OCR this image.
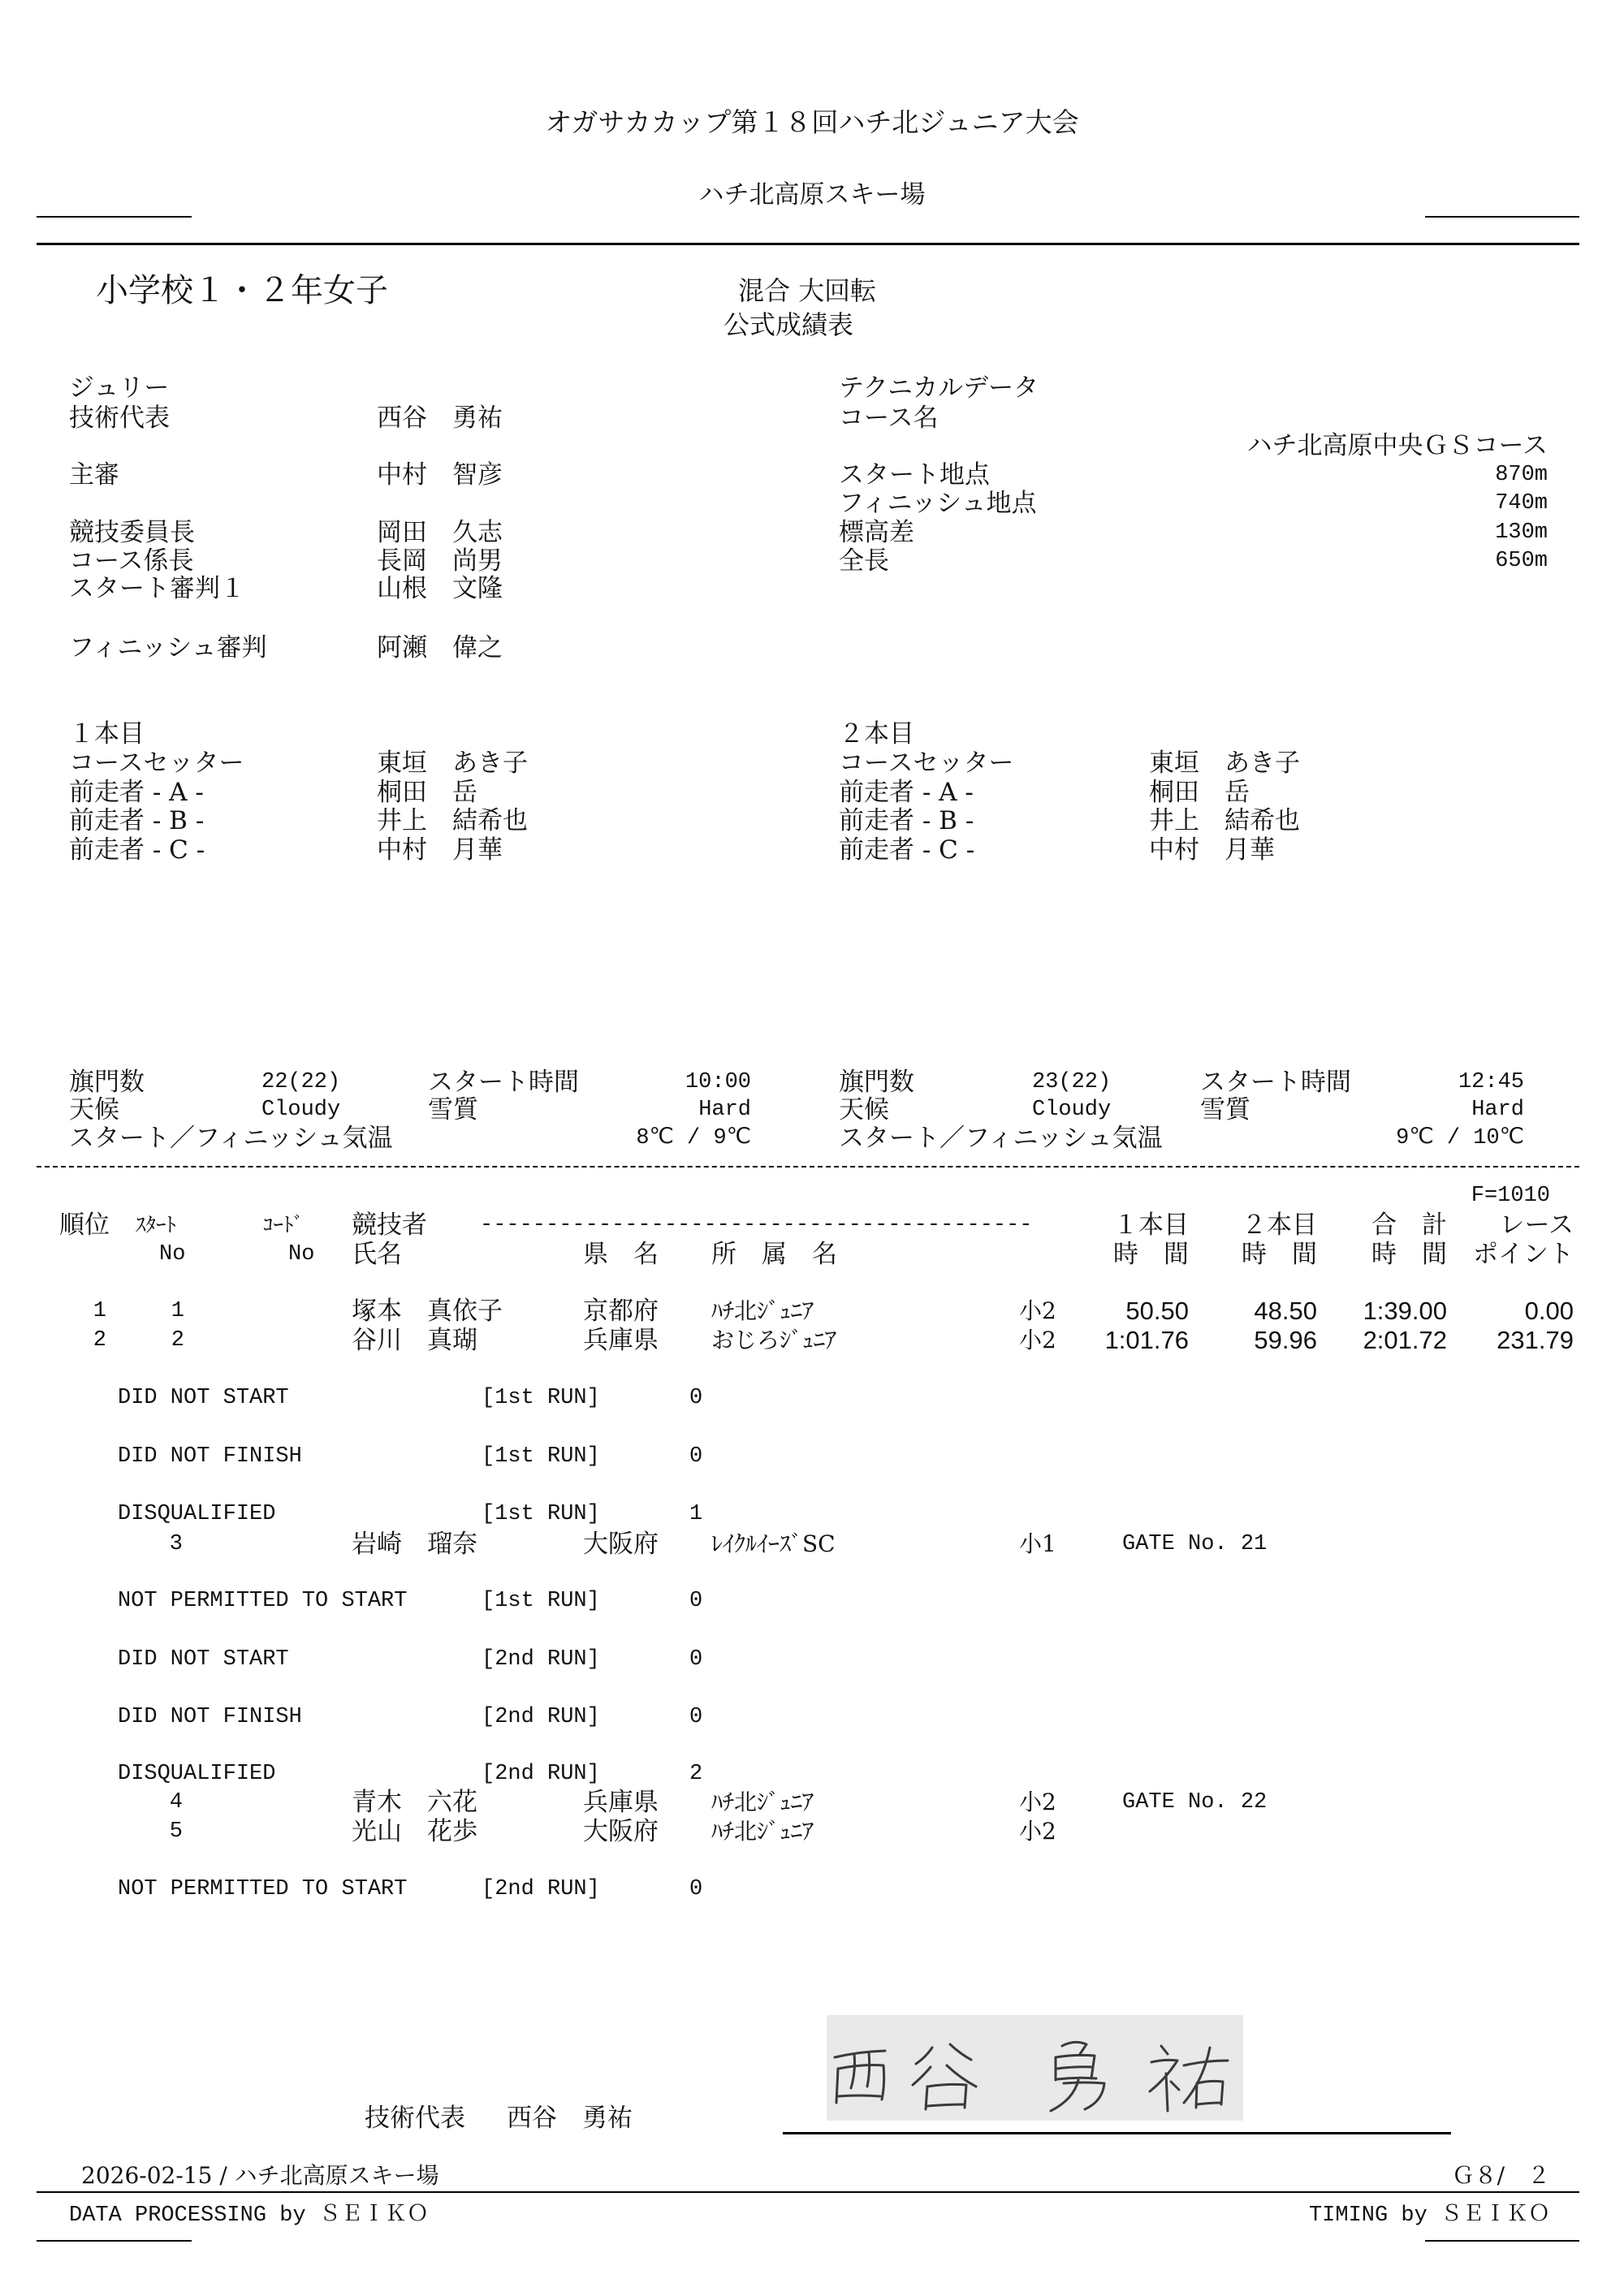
オガサカカップ第１８回ハチ北ジュニア大会
ハチ北高原スキー場
小学校１・２年女子	混合 大回転
公式成績表
ジュリー
技術代表	西谷　勇祐
主審	中村　智彦
競技委員長	岡田　久志
コース係長	長岡　尚男
スタート審判１	山根　文隆
フィニッシュ審判	阿瀬　偉之
テクニカルデータ
コース名
ハチ北高原中央ＧＳコース
スタート地点	870m
フィニッシュ地点	740m
標高差	130m
全長	650m
１本目
コースセッター	東垣　あき子
前走者 - A -	桐田　岳
前走者 - B -	井上　結希也
前走者 - C -	中村　月華
２本目
コースセッター	東垣　あき子
前走者 - A -	桐田　岳
前走者 - B -	井上　結希也
前走者 - C -	中村　月華
旗門数	22(22)	スタート時間	10:00
天候	Cloudy	雪質	Hard
スタート／フィニッシュ気温	8℃ / 9℃
旗門数	23(22)	スタート時間	12:45
天候	Cloudy	雪質	Hard
スタート／フィニッシュ気温	9℃ / 10℃
F=1010
順位 ｽﾀｰﾄ	ｺｰﾄﾞ 競技者 ------------------------------------------	１本目 ２本目 合　計 レース
No	No 氏名	県　名 所　属　名	時　間 時　間 時　間 ポイント
1	1	塚本　真依子	京都府 ﾊﾁ北ｼﾞｭﾆｱ	小2	50.50	48.50 1:39.00	0.00
2	2	谷川　真瑚	兵庫県 おじろｼﾞｭﾆｱ	小2 1:01.76	59.96 2:01.72 231.79
DID NOT START	[1st RUN]	0
DID NOT FINISH	[1st RUN]	0
DISQUALIFIED	[1st RUN]	1
3	岩崎　瑠奈	大阪府 ﾚｲｸﾙｲｰｽﾞSC	小1	GATE No. 21
NOT PERMITTED TO START	[1st RUN]	0
DID NOT START	[2nd RUN]	0
DID NOT FINISH	[2nd RUN]	0
DISQUALIFIED	[2nd RUN]	2
4	青木　六花	兵庫県 ﾊﾁ北ｼﾞｭﾆｱ	小2	GATE No. 22
5	光山　花歩	大阪府 ﾊﾁ北ｼﾞｭﾆｱ	小2
NOT PERMITTED TO START	[2nd RUN]	0
技術代表 西谷　勇祐
2026-02-15 / ハチ北高原スキー場	Ｇ８/　２
DATA PROCESSING by ＳＥＩＫＯ	TIMING by ＳＥＩＫＯ
